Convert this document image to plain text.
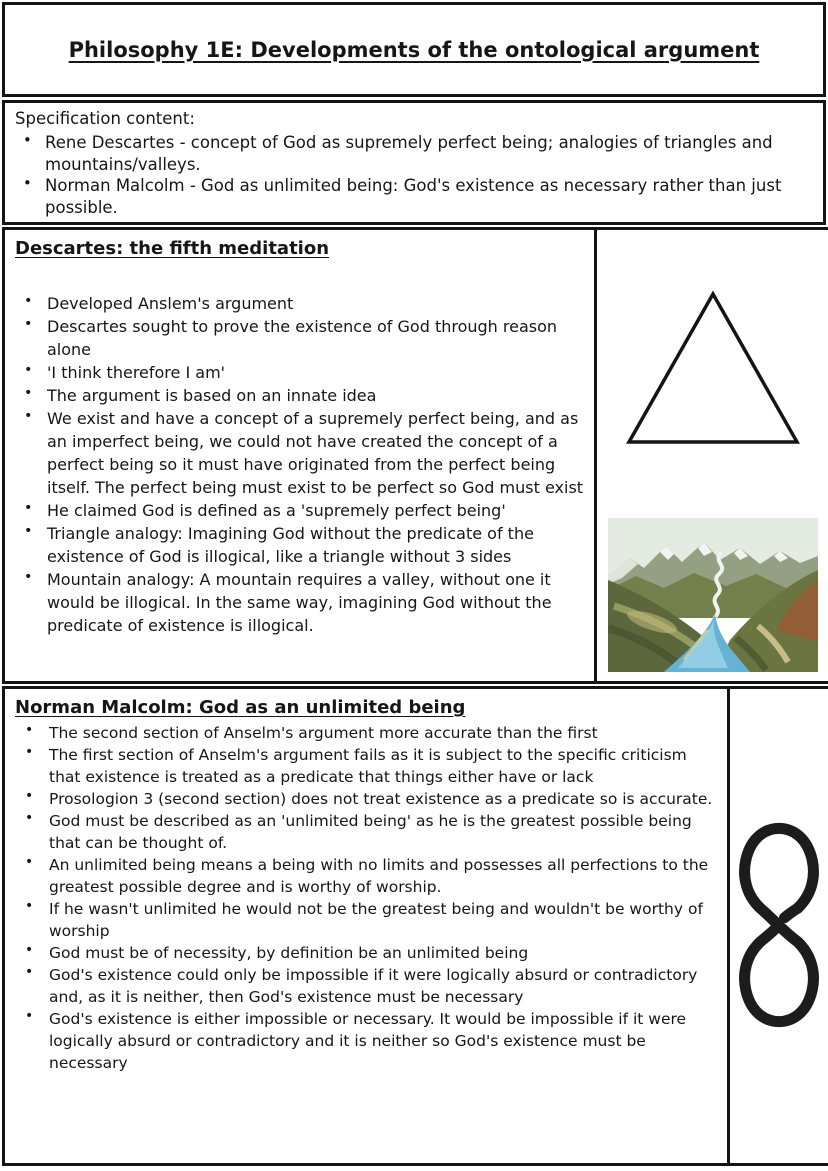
Philosophy 1E: Developments of the ontological argument
Specification content:
• Rene Descartes - concept of God as supremely perfect being; analogies of triangles and mountains/valleys.
• Norman Malcolm - God as unlimited being: God's existence as necessary rather than just possible.
Descartes: the fifth meditation
• Developed Anslem's argument
• Descartes sought to prove the existence of God through reason alone
• 'I think therefore I am'
• The argument is based on an innate idea
• We exist and have a concept of a supremely perfect being, and as an imperfect being, we could not have created the concept of a perfect being so it must have originated from the perfect being itself. The perfect being must exist to be perfect so God must exist
• He claimed God is defined as a 'supremely perfect being'
• Triangle analogy: Imagining God without the predicate of the existence of God is illogical, like a triangle without 3 sides
• Mountain analogy: A mountain requires a valley, without one it would be illogical. In the same way, imagining God without the predicate of existence is illogical.
Norman Malcolm: God as an unlimited being
• The second section of Anselm's argument more accurate than the first
• The first section of Anselm's argument fails as it is subject to the specific criticism that existence is treated as a predicate that things either have or lack
• Prosologion 3 (second section) does not treat existence as a predicate so is accurate.
• God must be described as an 'unlimited being' as he is the greatest possible being that can be thought of.
• An unlimited being means a being with no limits and possesses all perfections to the greatest possible degree and is worthy of worship.
• If he wasn't unlimited he would not be the greatest being and wouldn't be worthy of worship
• God must be of necessity, by definition be an unlimited being
• God's existence could only be impossible if it were logically absurd or contradictory and, as it is neither, then God's existence must be necessary
• God's existence is either impossible or necessary. It would be impossible if it were logically absurd or contradictory and it is neither so God's existence must be necessary
